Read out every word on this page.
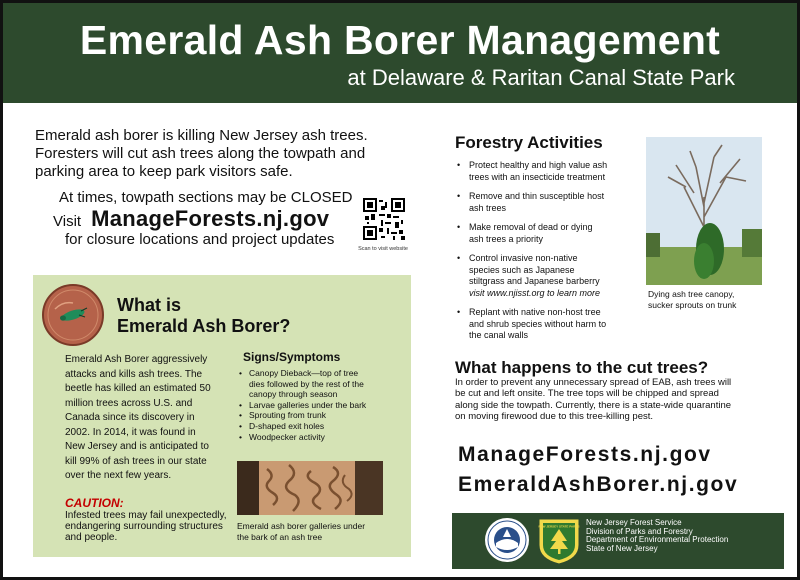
Emerald Ash Borer Management
at Delaware & Raritan Canal State Park
Emerald ash borer is killing New Jersey ash trees.
Foresters will cut ash trees along the towpath and
parking area to keep park visitors safe.
At times, towpath sections may be CLOSED
Visit ManageForests.nj.gov
for closure locations and project updates
Scan to visit website
What is
Emerald Ash Borer?
Emerald Ash Borer aggressively
attacks and kills ash trees. The
beetle has killed an estimated 50
million trees across U.S. and
Canada since its discovery in
2002. In 2014, it was found in
New Jersey and is anticipated to
kill 99% of ash trees in our state
over the next few years.
CAUTION:
Infested trees may fail unexpectedly,
endangering surrounding structures
and people.
Signs/Symptoms
• Canopy Dieback—top of tree
dies followed by the rest of the
canopy through season
• Larvae galleries under the bark
• Sprouting from trunk
• D-shaped exit holes
• Woodpecker activity
Emerald ash borer galleries under
the bark of an ash tree
Forestry Activities
• Protect healthy and high value ash
trees with an insecticide treatment
• Remove and thin susceptible host
ash trees
• Make removal of dead or dying
ash trees a priority
• Control invasive non-native
species such as Japanese
stiltgrass and Japanese barberry
visit www.njisst.org to learn more
• Replant with native non-host tree
and shrub species without harm to
the canal walls
Dying ash tree canopy,
sucker sprouts on trunk
What happens to the cut trees?
In order to prevent any unnecessary spread of EAB, ash trees will
be cut and left onsite. The tree tops will be chipped and spread
along side the towpath. Currently, there is a state-wide quarantine
on moving firewood due to this tree-killing pest.
ManageForests.nj.gov
EmeraldAshBorer.nj.gov
NEW JERSEY STATE PARKS New Jersey Forest Service
Division of Parks and Forestry
Department of Environmental Protection
State of New Jersey
